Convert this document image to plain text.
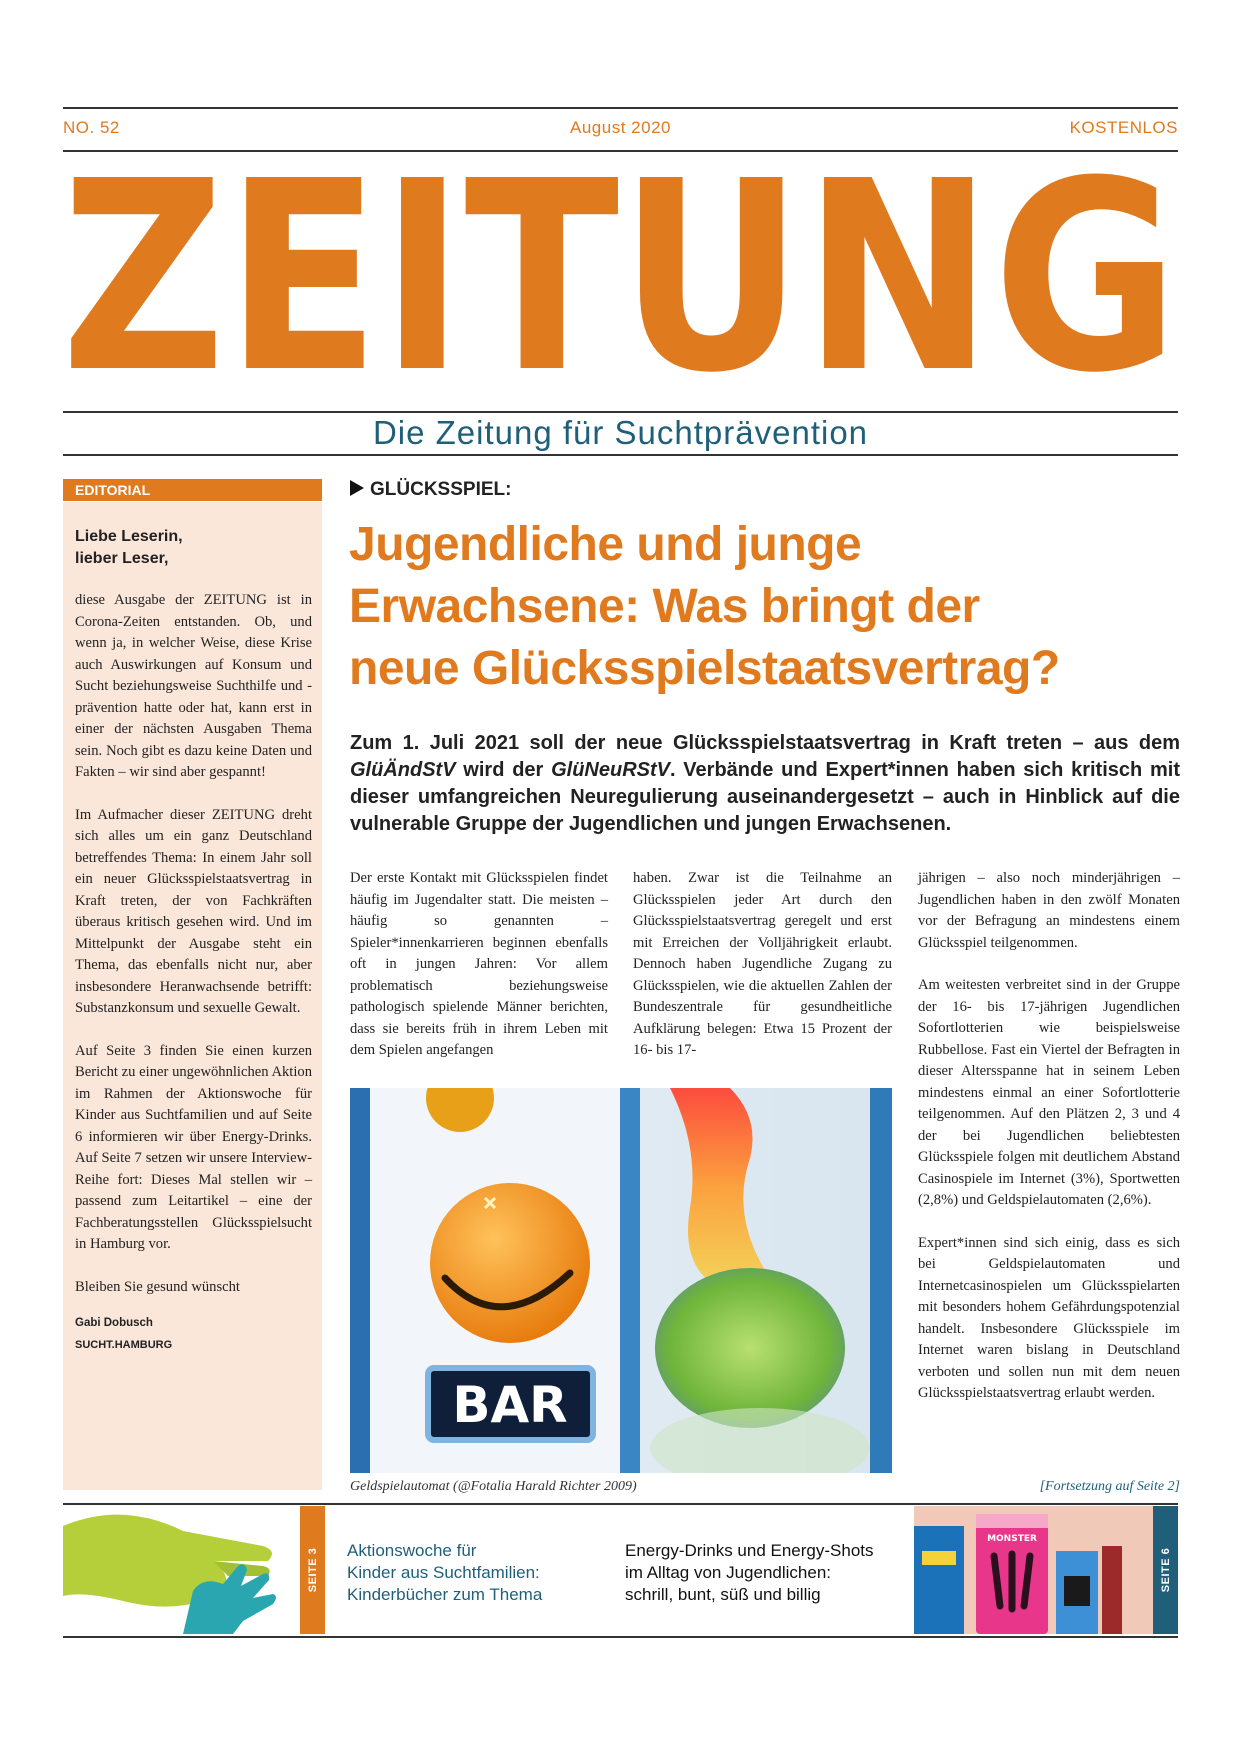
NO. 52	August 2020	KOSTENLOS
ZEITUNG
Die Zeitung für Suchtprävention
EDITORIAL
Liebe Leserin,
lieber Leser,

diese Ausgabe der ZEITUNG ist in Corona-Zeiten entstanden. Ob, und wenn ja, in welcher Weise, diese Krise auch Auswirkungen auf Konsum und Sucht beziehungsweise Suchthilfe und -prävention hatte oder hat, kann erst in einer der nächsten Ausgaben Thema sein. Noch gibt es dazu keine Daten und Fakten – wir sind aber gespannt!

Im Aufmacher dieser ZEITUNG dreht sich alles um ein ganz Deutschland betreffendes Thema: In einem Jahr soll ein neuer Glücksspielstaatsvertrag in Kraft treten, der von Fachkräften überaus kritisch gesehen wird. Und im Mittelpunkt der Ausgabe steht ein Thema, das ebenfalls nicht nur, aber insbesondere Heranwachsende betrifft: Substanzkonsum und sexuelle Gewalt.

Auf Seite 3 finden Sie einen kurzen Bericht zu einer ungewöhnlichen Aktion im Rahmen der Aktionswoche für Kinder aus Suchtfamilien und auf Seite 6 informieren wir über Energy-Drinks. Auf Seite 7 setzen wir unsere Interview-Reihe fort: Dieses Mal stellen wir – passend zum Leitartikel – eine der Fachberatungsstellen Glücksspielsucht in Hamburg vor.

Bleiben Sie gesund wünscht

Gabi Dobusch
SUCHT.HAMBURG
GLÜCKSSPIEL:
Jugendliche und junge
Erwachsene: Was bringt der
neue Glücksspielstaatsvertrag?
Zum 1. Juli 2021 soll der neue Glücksspielstaatsvertrag in Kraft treten – aus dem GlüÄndStV wird der GlüNeuRStV. Verbände und Expert*innen haben sich kritisch mit dieser umfangreichen Neuregulierung auseinandergesetzt – auch in Hinblick auf die vulnerable Gruppe der Jugendlichen und jungen Erwachsenen.

Der erste Kontakt mit Glücksspielen findet häufig im Jugendalter statt. Die meisten – häufig so genannten – Spieler*innenkarrieren beginnen ebenfalls oft in jungen Jahren: Vor allem problematisch beziehungsweise pathologisch spielende Männer berichten, dass sie bereits früh in ihrem Leben mit dem Spielen angefangen

haben. Zwar ist die Teilnahme an Glücksspielen jeder Art durch den Glücksspielstaatsvertrag geregelt und erst mit Erreichen der Volljährigkeit erlaubt. Dennoch haben Jugendliche Zugang zu Glücksspielen, wie die aktuellen Zahlen der Bundeszentrale für gesundheitliche Aufklärung belegen: Etwa 15 Prozent der 16- bis 17-

jährigen – also noch minderjährigen – Jugendlichen haben in den zwölf Monaten vor der Befragung an mindestens einem Glücksspiel teilgenommen.

Am weitesten verbreitet sind in der Gruppe der 16- bis 17-jährigen Jugendlichen Sofortlotterien wie beispielsweise Rubbellose. Fast ein Viertel der Befragten in dieser Altersspanne hat in seinem Leben mindestens einmal an einer Sofortlotterie teilgenommen. Auf den Plätzen 2, 3 und 4 der bei Jugendlichen beliebtesten Glücksspiele folgen mit deutlichem Abstand Casinospiele im Internet (3%), Sportwetten (2,8%) und Geldspielautomaten (2,6%).

Expert*innen sind sich einig, dass es sich bei Geldspielautomaten und Internetcasinospielen um Glücksspielarten mit besonders hohem Gefährdungspotenzial handelt. Insbesondere Glücksspiele im Internet waren bislang in Deutschland verboten und sollen nun mit dem neuen Glücksspielstaatsvertrag erlaubt werden.

BAR
Geldspielautomat (@Fotalia Harald Richter 2009)	[Fortsetzung auf Seite 2]
SEITE 3 Aktionswoche für
Kinder aus Suchtfamilien:
Kinderbücher zum Thema
Energy-Drinks und Energy-Shots
im Alltag von Jugendlichen:
schrill, bunt, süß und billig
MONSTER
SEITE 6
